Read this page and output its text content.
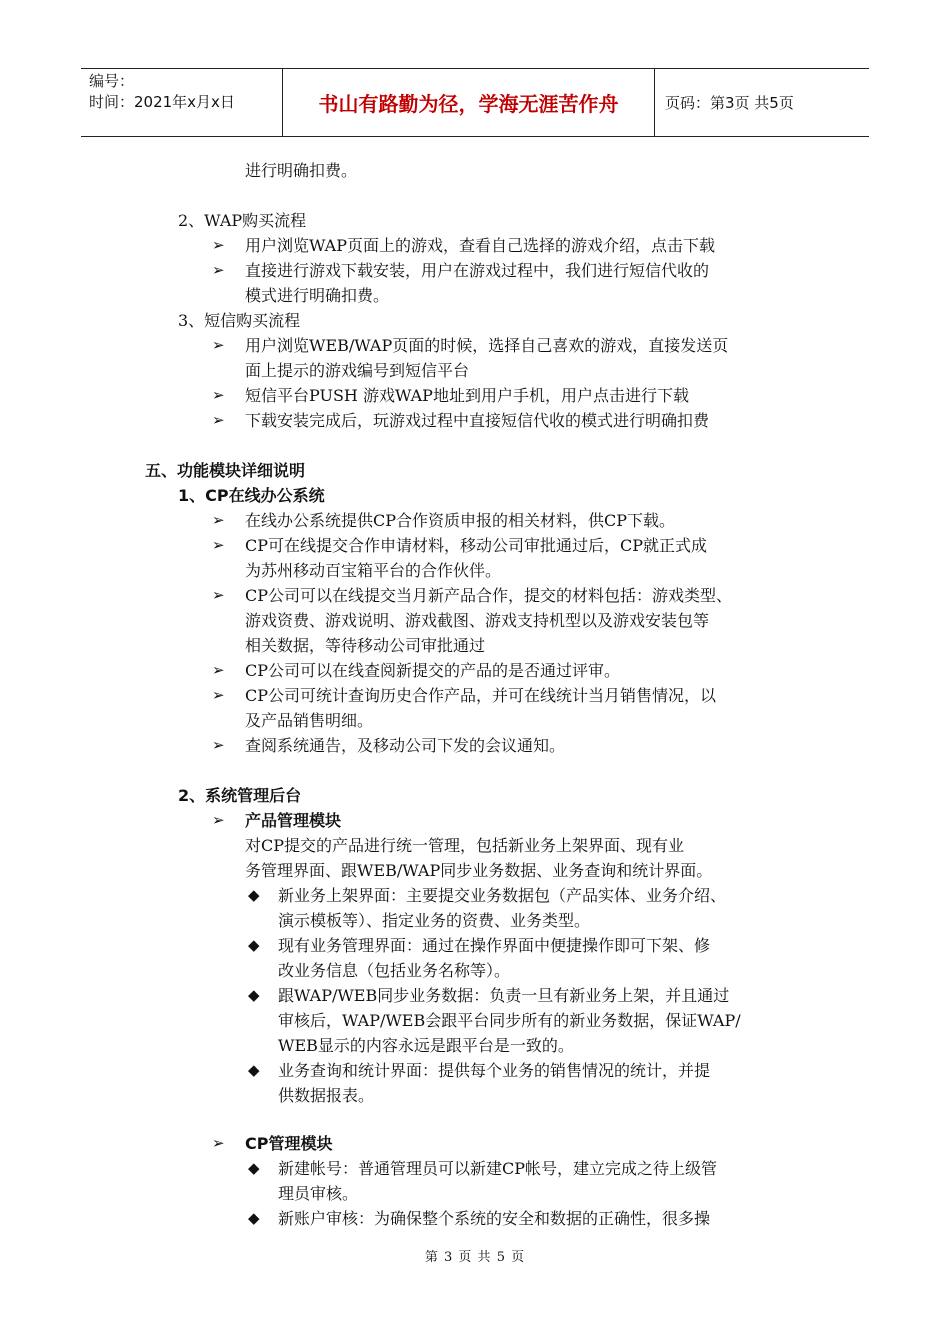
编号：
时间：2021年x月x日	书山有路勤为径，学海无涯苦作舟	页码：第3页 共5页
进行明确扣费。
2、WAP购买流程
➢ 用户浏览WAP页面上的游戏，查看自己选择的游戏介绍，点击下载
➢ 直接进行游戏下载安装，用户在游戏过程中，我们进行短信代收的
模式进行明确扣费。
3、短信购买流程
➢ 用户浏览WEB/WAP页面的时候，选择自己喜欢的游戏，直接发送页
面上提示的游戏编号到短信平台
➢ 短信平台PUSH 游戏WAP地址到用户手机，用户点击进行下载
➢ 下载安装完成后，玩游戏过程中直接短信代收的模式进行明确扣费
五、功能模块详细说明
1、CP在线办公系统
➢ 在线办公系统提供CP合作资质申报的相关材料，供CP下载。
➢ CP可在线提交合作申请材料，移动公司审批通过后，CP就正式成
为苏州移动百宝箱平台的合作伙伴。
➢ CP公司可以在线提交当月新产品合作，提交的材料包括：游戏类型、
游戏资费、游戏说明、游戏截图、游戏支持机型以及游戏安装包等
相关数据，等待移动公司审批通过
➢ CP公司可以在线查阅新提交的产品的是否通过评审。
➢ CP公司可统计查询历史合作产品，并可在线统计当月销售情况，以
及产品销售明细。
➢ 查阅系统通告，及移动公司下发的会议通知。
2、系统管理后台
➢ 产品管理模块
对CP提交的产品进行统一管理，包括新业务上架界面、现有业
务管理界面、跟WEB/WAP同步业务数据、业务查询和统计界面。
◆ 新业务上架界面：主要提交业务数据包（产品实体、业务介绍、
演示模板等）、指定业务的资费、业务类型。
◆ 现有业务管理界面：通过在操作界面中便捷操作即可下架、修
改业务信息（包括业务名称等）。
◆ 跟WAP/WEB同步业务数据：负责一旦有新业务上架，并且通过
审核后，WAP/WEB会跟平台同步所有的新业务数据，保证WAP/
WEB显示的内容永远是跟平台是一致的。
◆ 业务查询和统计界面：提供每个业务的销售情况的统计，并提
供数据报表。
➢ CP管理模块
◆ 新建帐号：普通管理员可以新建CP帐号，建立完成之待上级管
理员审核。
◆ 新账户审核：为确保整个系统的安全和数据的正确性，很多操
第 3 页 共 5 页
